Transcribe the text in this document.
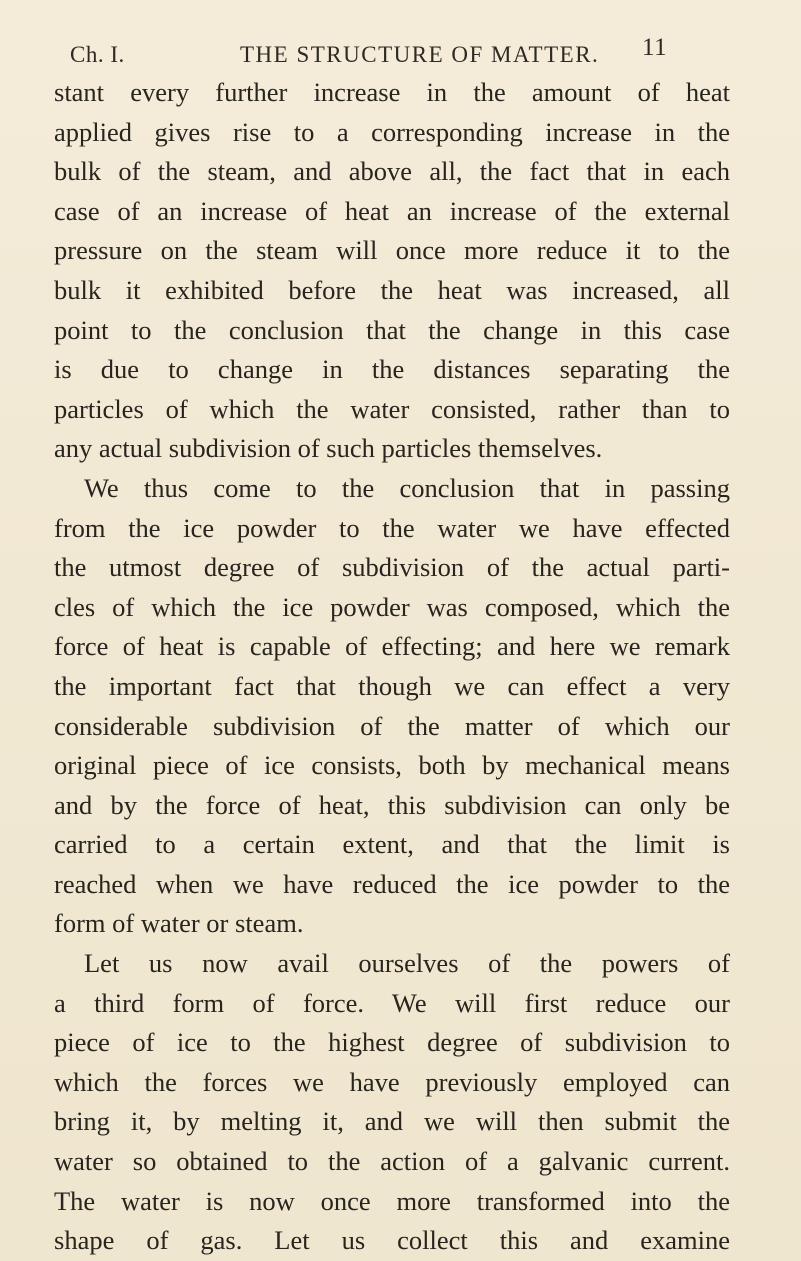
Ch. I.	THE STRUCTURE OF MATTER. 11
stant every further increase in the amount of heat
applied gives rise to a corresponding increase in the
bulk of the steam, and above all, the fact that in each
case of an increase of heat an increase of the external
pressure on the steam will once more reduce it to the
bulk it exhibited before the heat was increased, all
point to the conclusion that the change in this case
is due to change in the distances separating the
particles of which the water consisted, rather than to
any actual subdivision of such particles themselves.
We thus come to the conclusion that in passing
from the ice powder to the water we have effected
the utmost degree of subdivision of the actual parti-
cles of which the ice powder was composed, which the
force of heat is capable of effecting; and here we remark
the important fact that though we can effect a very
considerable subdivision of the matter of which our
original piece of ice consists, both by mechanical means
and by the force of heat, this subdivision can only be
carried to a certain extent, and that the limit is
reached when we have reduced the ice powder to the
form of water or steam.
Let us now avail ourselves of the powers of
a third form of force. We will first reduce our
piece of ice to the highest degree of subdivision to
which the forces we have previously employed can
bring it, by melting it, and we will then submit the
water so obtained to the action of a galvanic current.
The water is now once more transformed into the
shape of gas. Let us collect this and examine
